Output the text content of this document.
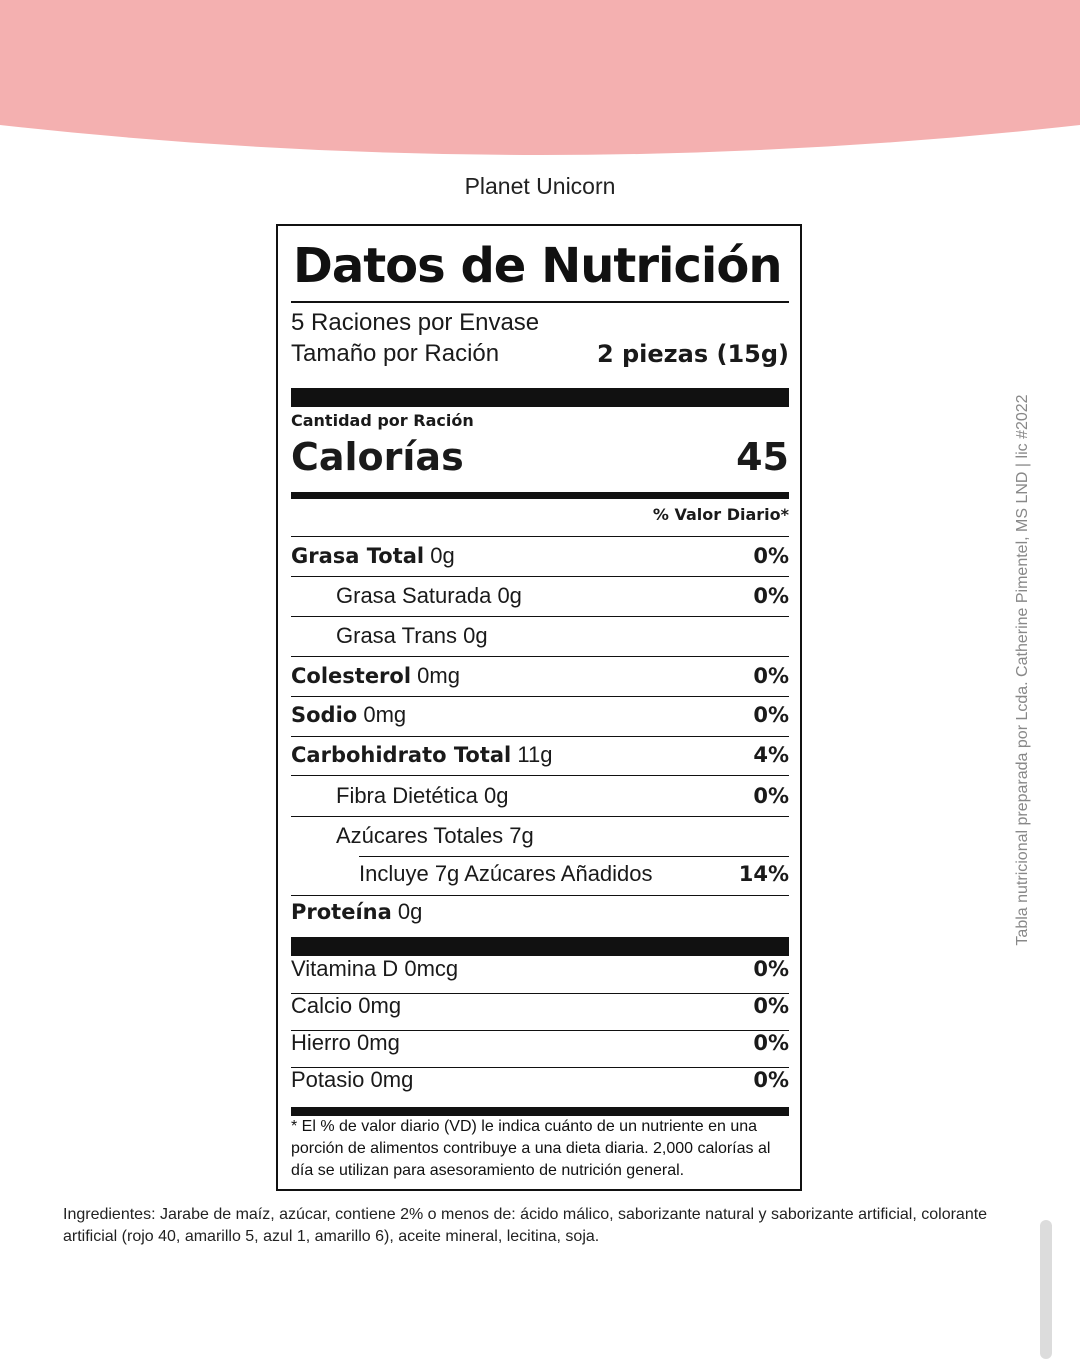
Planet Unicorn
Datos de Nutrición
5 Raciones por Envase
Tamaño por Ración	2 piezas (15g)
Cantidad por Ración
Calorías	45
% Valor Diario*
Grasa Total 0g	0%
Grasa Saturada 0g	0%
Grasa Trans 0g
Colesterol 0mg	0%
Sodio 0mg	0%
Carbohidrato Total 11g	4%
Fibra Dietética 0g	0%
Azúcares Totales 7g
Incluye 7g Azúcares Añadidos	14%
Proteína 0g
Vitamina D 0mcg	0%
Calcio 0mg	0%
Hierro 0mg	0%
Potasio 0mg	0%
* El % de valor diario (VD) le indica cuánto de un nutriente en una porción de alimentos contribuye a una dieta diaria. 2,000 calorías al día se utilizan para asesoramiento de nutrición general.
Ingredientes: Jarabe de maíz, azúcar, contiene 2% o menos de: ácido málico, saborizante natural y saborizante artificial, colorante artificial (rojo 40, amarillo 5, azul 1, amarillo 6), aceite mineral, lecitina, soja.
Tabla nutricional preparada por Lcda. Catherine Pimentel, MS LND | lic #2022
